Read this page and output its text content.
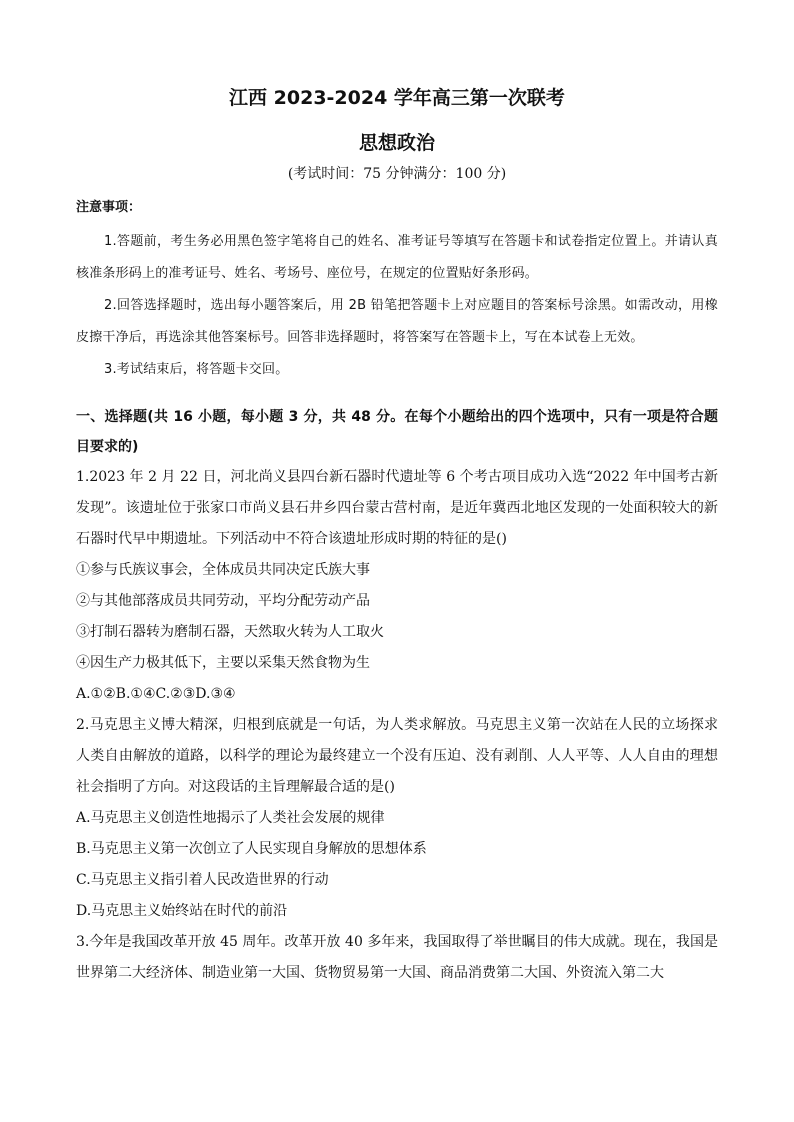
江西 2023-2024 学年高三第一次联考
思想政治
(考试时间：75 分钟满分：100 分)

注意事项：

1.答题前，考生务必用黑色签字笔将自己的姓名、准考证号等填写在答题卡和试卷指定位置上。并请认真核准条形码上的准考证号、姓名、考场号、座位号，在规定的位置贴好条形码。

2.回答选择题时，选出每小题答案后，用 2B 铅笔把答题卡上对应题目的答案标号涂黑。如需改动，用橡皮擦干净后，再选涂其他答案标号。回答非选择题时，将答案写在答题卡上，写在本试卷上无效。

3.考试结束后，将答题卡交回。

一、选择题(共 16 小题，每小题 3 分，共 48 分。在每个小题给出的四个选项中，只有一项是符合题目要求的)

1.2023 年 2 月 22 日，河北尚义县四台新石器时代遗址等 6 个考古项目成功入选“2022 年中国考古新发现”。该遗址位于张家口市尚义县石井乡四台蒙古营村南，是近年冀西北地区发现的一处面积较大的新石器时代早中期遗址。下列活动中不符合该遗址形成时期的特征的是()

①参与氏族议事会，全体成员共同决定氏族大事

②与其他部落成员共同劳动，平均分配劳动产品

③打制石器转为磨制石器，天然取火转为人工取火

④因生产力极其低下，主要以采集天然食物为生

A.①②B.①④C.②③D.③④

2.马克思主义博大精深，归根到底就是一句话，为人类求解放。马克思主义第一次站在人民的立场探求人类自由解放的道路，以科学的理论为最终建立一个没有压迫、没有剥削、人人平等、人人自由的理想社会指明了方向。对这段话的主旨理解最合适的是()

A.马克思主义创造性地揭示了人类社会发展的规律

B.马克思主义第一次创立了人民实现自身解放的思想体系

C.马克思主义指引着人民改造世界的行动

D.马克思主义始终站在时代的前沿

3.今年是我国改革开放 45 周年。改革开放 40 多年来，我国取得了举世瞩目的伟大成就。现在，我国是世界第二大经济体、制造业第一大国、货物贸易第一大国、商品消费第二大国、外资流入第二大
